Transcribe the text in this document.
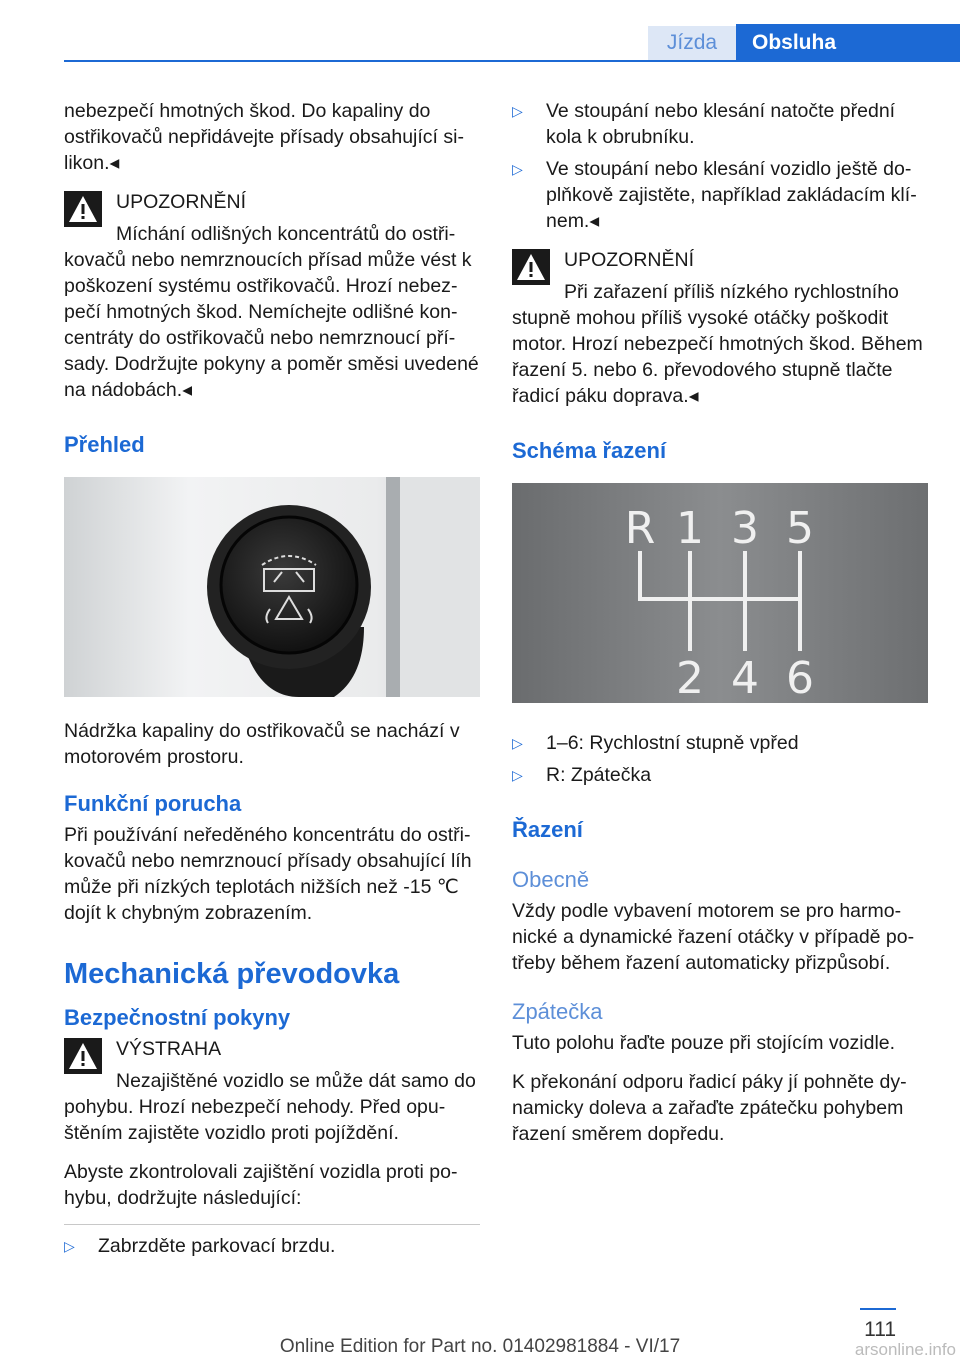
Jízda	Obsluha

nebezpečí hmotných škod. Do kapaliny do ostřikovačů nepřidávejte přísady obsahující silikon.◂

UPOZORNĚNÍ
Míchání odlišných koncentrátů do ostřikovačů nebo nemrznoucích přísad může vést k poškození systému ostřikovačů. Hrozí nebezpečí hmotných škod. Nemíchejte odlišné koncentráty do ostřikovačů nebo nemrznoucí přísady. Dodržujte pokyny a poměr směsi uvedené na nádobách.◂
Přehled

Nádržka kapaliny do ostřikovačů se nachází v motorovém prostoru.

Funkční porucha

Při používání neředěného koncentrátu do ostřikovačů nebo nemrznoucí přísady obsahující líh může při nízkých teplotách nižších než -15 ℃ dojít k chybným zobrazením.

Mechanická převodovka
Bezpečnostní pokyny
VÝSTRAHA
Nezajištěné vozidlo se může dát samo do pohybu. Hrozí nebezpečí nehody. Před opuštěním zajistěte vozidlo proti pojíždění.

Abyste zkontrolovali zajištění vozidla proti pohybu, dodržujte následující:

▷ Zabrzděte parkovací brzdu.
▷ Ve stoupání nebo klesání natočte přední kola k obrubníku.
▷ Ve stoupání nebo klesání vozidlo ještě doplňkově zajistěte, například zakládacím klínem.◂
UPOZORNĚNÍ
Při zařazení příliš nízkého rychlostního stupně mohou příliš vysoké otáčky poškodit motor. Hrozí nebezpečí hmotných škod. Během řazení 5. nebo 6. převodového stupně tlačte řadicí páku doprava.◂
Schéma řazení
R 1 3 5
2 4 6
▷ 1–6: Rychlostní stupně vpřed
▷ R: Zpátečka
Řazení
Obecně

Vždy podle vybavení motorem se pro harmonické a dynamické řazení otáčky v případě potřeby během řazení automaticky přizpůsobí.

Zpátečka

Tuto polohu řaďte pouze při stojícím vozidle.

K překonání odporu řadicí páky jí pohněte dynamicky doleva a zařaďte zpátečku pohybem řazení směrem dopředu.

111
Online Edition for Part no. 01402981884 - VI/17	arsonline.info
